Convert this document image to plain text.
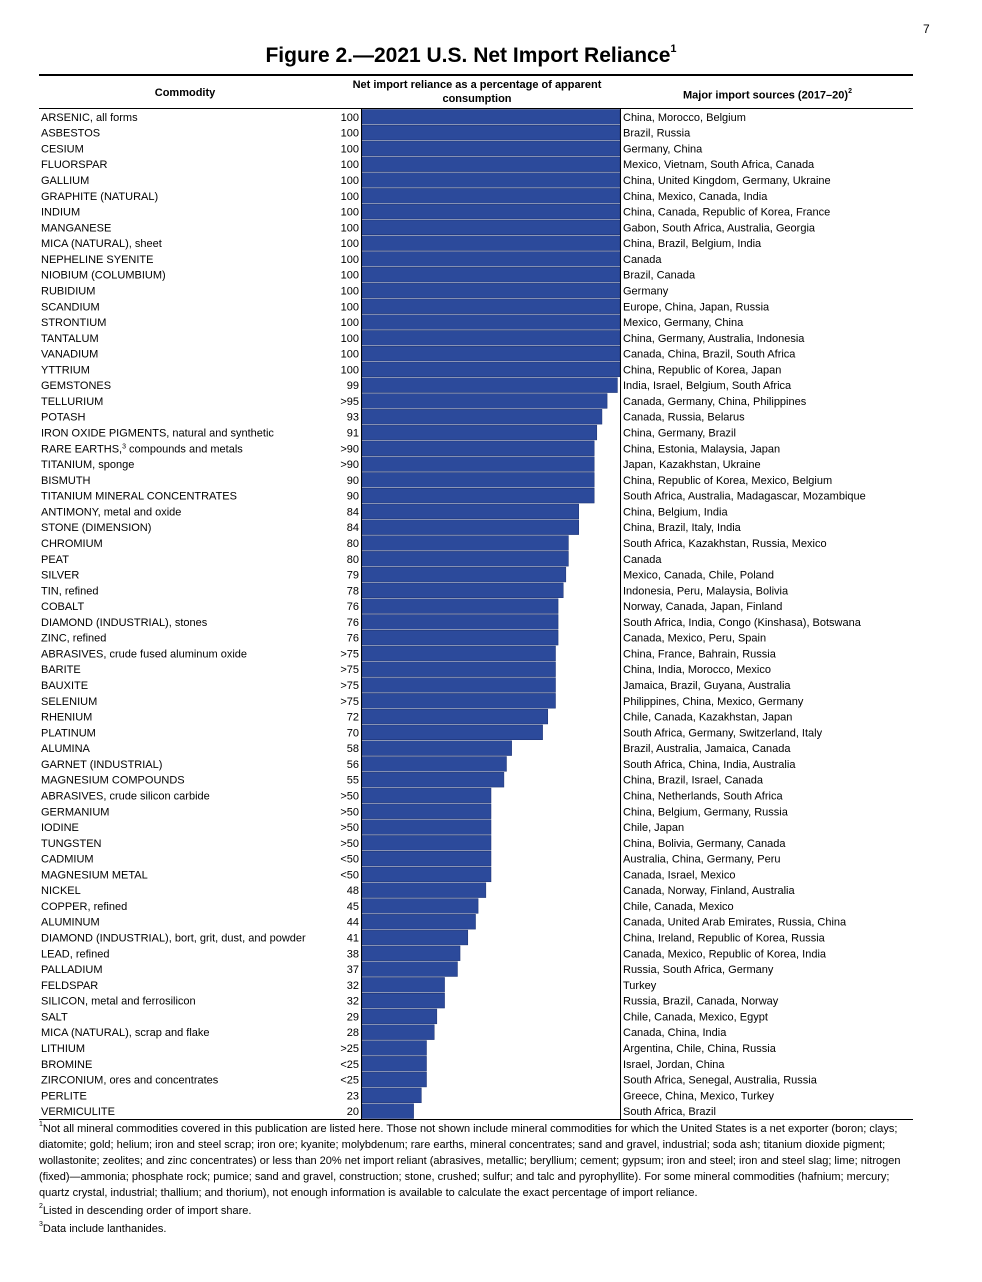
7
Figure 2.—2021 U.S. Net Import Reliance$^1$
Commodity
Net import reliance as a percentage of apparent consumption	Major import sources (2017–20)$^2$
ARSENIC, all forms	100	China, Morocco, Belgium
ASBESTOS	100	Brazil, Russia
CESIUM	100	Germany, China
FLUORSPAR	100	Mexico, Vietnam, South Africa, Canada
GALLIUM	100	China, United Kingdom, Germany, Ukraine
GRAPHITE (NATURAL)	100	China, Mexico, Canada, India
INDIUM	100	China, Canada, Republic of Korea, France
MANGANESE	100	Gabon, South Africa, Australia, Georgia
MICA (NATURAL), sheet	100	China, Brazil, Belgium, India
NEPHELINE SYENITE	100	Canada
NIOBIUM (COLUMBIUM)	100	Brazil, Canada
RUBIDIUM	100	Germany
SCANDIUM	100	Europe, China, Japan, Russia
STRONTIUM	100	Mexico, Germany, China
TANTALUM	100	China, Germany, Australia, Indonesia
VANADIUM	100	Canada, China, Brazil, South Africa
YTTRIUM	100	China, Republic of Korea, Japan
GEMSTONES	99	India, Israel, Belgium, South Africa
TELLURIUM	>95	Canada, Germany, China, Philippines
POTASH	93	Canada, Russia, Belarus
IRON OXIDE PIGMENTS, natural and synthetic	91	China, Germany, Brazil
RARE EARTHS,$^3$ compounds and metals	>90	China, Estonia, Malaysia, Japan
TITANIUM, sponge	>90	Japan, Kazakhstan, Ukraine
BISMUTH	90	China, Republic of Korea, Mexico, Belgium
TITANIUM MINERAL CONCENTRATES	90	South Africa, Australia, Madagascar, Mozambique
ANTIMONY, metal and oxide	84	China, Belgium, India
STONE (DIMENSION)	84	China, Brazil, Italy, India
CHROMIUM	80	South Africa, Kazakhstan, Russia, Mexico
PEAT	80	Canada
SILVER	79	Mexico, Canada, Chile, Poland
TIN, refined	78	Indonesia, Peru, Malaysia, Bolivia
COBALT	76	Norway, Canada, Japan, Finland
DIAMOND (INDUSTRIAL), stones	76	South Africa, India, Congo (Kinshasa), Botswana
ZINC, refined	76	Canada, Mexico, Peru, Spain
ABRASIVES, crude fused aluminum oxide	>75	China, France, Bahrain, Russia
BARITE	>75	China, India, Morocco, Mexico
BAUXITE	>75	Jamaica, Brazil, Guyana, Australia
SELENIUM	>75	Philippines, China, Mexico, Germany
RHENIUM	72	Chile, Canada, Kazakhstan, Japan
PLATINUM	70	South Africa, Germany, Switzerland, Italy
ALUMINA	58	Brazil, Australia, Jamaica, Canada
GARNET (INDUSTRIAL)	56	South Africa, China, India, Australia
MAGNESIUM COMPOUNDS	55	China, Brazil, Israel, Canada
ABRASIVES, crude silicon carbide	>50	China, Netherlands, South Africa
GERMANIUM	>50	China, Belgium, Germany, Russia
IODINE	>50	Chile, Japan
TUNGSTEN	>50	China, Bolivia, Germany, Canada
CADMIUM	<50	Australia, China, Germany, Peru
MAGNESIUM METAL	<50	Canada, Israel, Mexico
NICKEL	48	Canada, Norway, Finland, Australia
COPPER, refined	45	Chile, Canada, Mexico
ALUMINUM	44	Canada, United Arab Emirates, Russia, China
DIAMOND (INDUSTRIAL), bort, grit, dust, and powder	41	China, Ireland, Republic of Korea, Russia
LEAD, refined	38	Canada, Mexico, Republic of Korea, India
PALLADIUM	37	Russia, South Africa, Germany
FELDSPAR	32	Turkey
SILICON, metal and ferrosilicon	32	Russia, Brazil, Canada, Norway
SALT	29	Chile, Canada, Mexico, Egypt
MICA (NATURAL), scrap and flake	28	Canada, China, India
LITHIUM	>25	Argentina, Chile, China, Russia
BROMINE	<25	Israel, Jordan, China
ZIRCONIUM, ores and concentrates	<25	South Africa, Senegal, Australia, Russia
PERLITE	23	Greece, China, Mexico, Turkey
VERMICULITE	20	South Africa, Brazil

$^1$Not all mineral commodities covered in this publication are listed here. Those not shown include mineral commodities for which the United States is a net exporter (boron; clays; diatomite; gold; helium; iron and steel scrap; iron ore; kyanite; molybdenum; rare earths, mineral concentrates; sand and gravel, industrial; soda ash; titanium dioxide pigment; wollastonite; zeolites; and zinc concentrates) or less than 20% net import reliant (abrasives, metallic; beryllium; cement; gypsum; iron and steel; iron and steel slag; lime; nitrogen (fixed)—ammonia; phosphate rock; pumice; sand and gravel, construction; stone, crushed; sulfur; and talc and pyrophyllite). For some mineral commodities (hafnium; mercury; quartz crystal, industrial; thallium; and thorium), not enough information is available to calculate the exact percentage of import reliance.

$^2$Listed in descending order of import share.

$^3$Data include lanthanides.
